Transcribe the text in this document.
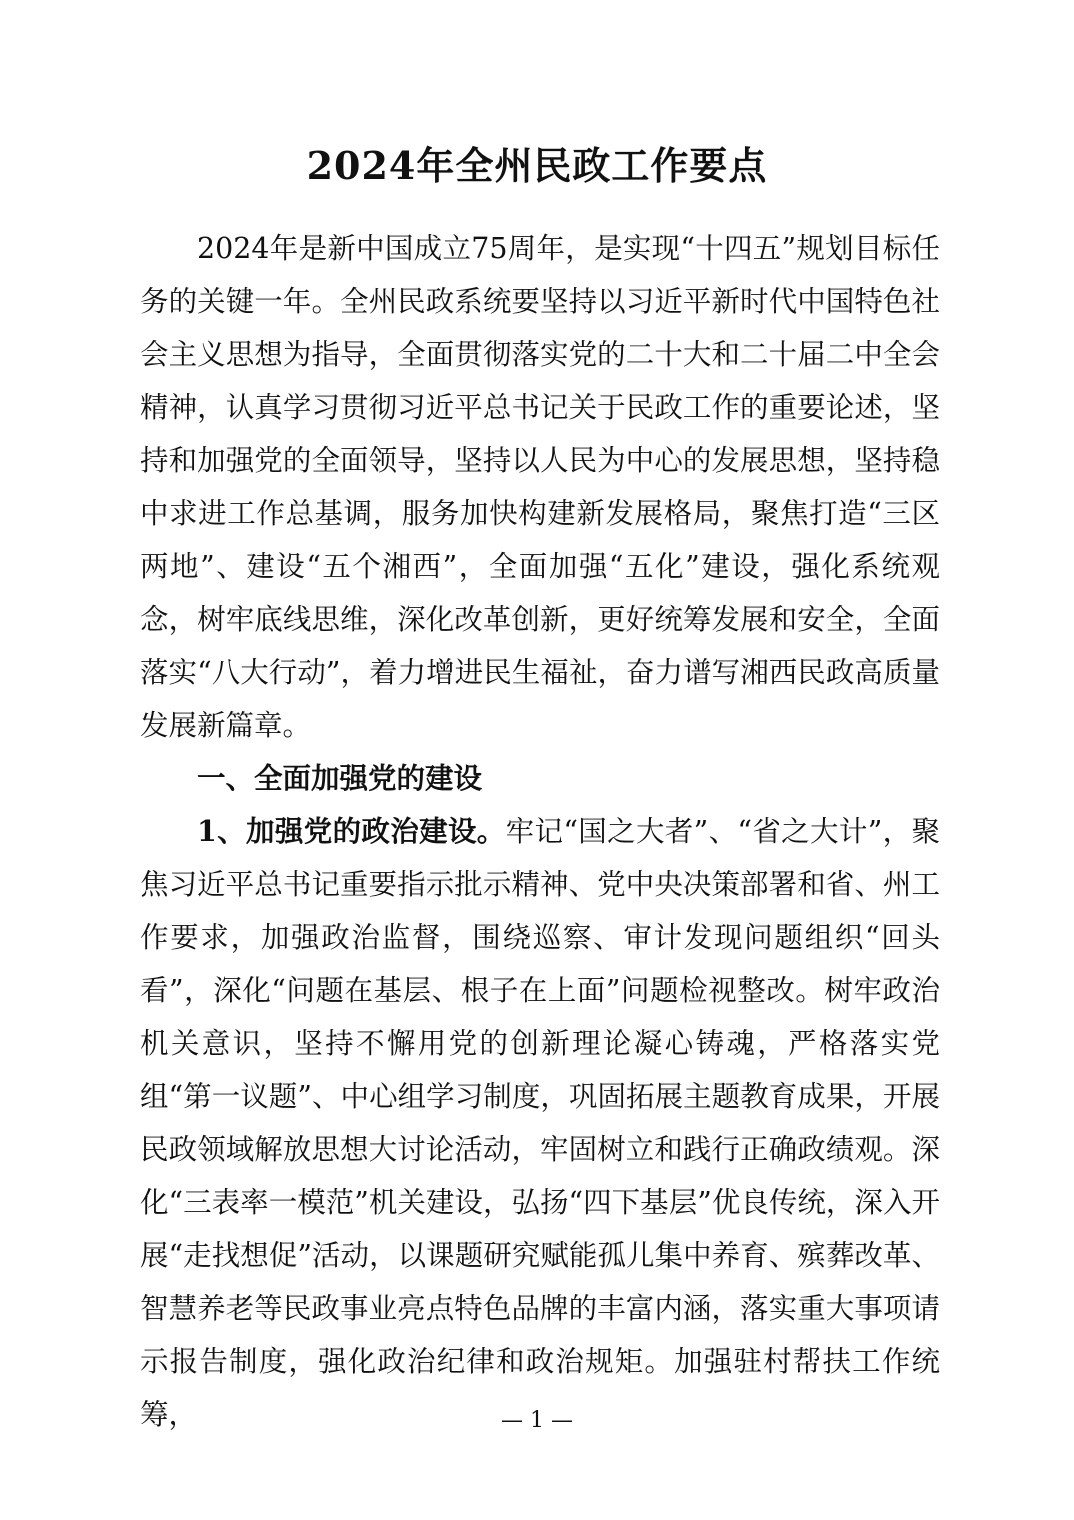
2024年全州民政工作要点

2024年是新中国成立75周年，是实现“十四五”规划目标任务的关键一年。全州民政系统要坚持以习近平新时代中国特色社会主义思想为指导，全面贯彻落实党的二十大和二十届二中全会精神，认真学习贯彻习近平总书记关于民政工作的重要论述，坚持和加强党的全面领导，坚持以人民为中心的发展思想，坚持稳中求进工作总基调，服务加快构建新发展格局，聚焦打造“三区两地”、建设“五个湘西”，全面加强“五化”建设，强化系统观念，树牢底线思维，深化改革创新，更好统筹发展和安全，全面落实“八大行动”，着力增进民生福祉，奋力谱写湘西民政高质量发展新篇章。

一、全面加强党的建设

1、加强党的政治建设。牢记“国之大者”、“省之大计”，聚焦习近平总书记重要指示批示精神、党中央决策部署和省、州工作要求，加强政治监督，围绕巡察、审计发现问题组织“回头看”，深化“问题在基层、根子在上面”问题检视整改。树牢政治机关意识，坚持不懈用党的创新理论凝心铸魂，严格落实党组“第一议题”、中心组学习制度，巩固拓展主题教育成果，开展民政领域解放思想大讨论活动，牢固树立和践行正确政绩观。深化“三表率一模范”机关建设，弘扬“四下基层”优良传统，深入开展“走找想促”活动，以课题研究赋能孤儿集中养育、殡葬改革、智慧养老等民政事业亮点特色品牌的丰富内涵，落实重大事项请示报告制度，强化政治纪律和政治规矩。加强驻村帮扶工作统筹，	— 1 —
